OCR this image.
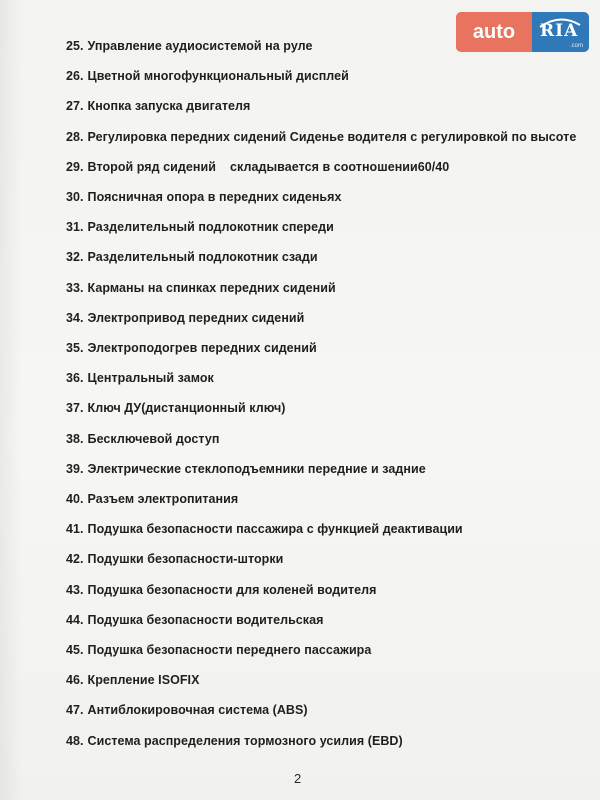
25. Управление аудиосистемой на руле
26. Цветной многофункциональный дисплей
27. Кнопка запуска двигателя
28. Регулировка передних сидений Сиденье водителя с регулировкой по высоте
29. Второй ряд сидений    складывается в соотношении60/40
30. Поясничная опора в передних сиденьях
31. Разделительный подлокотник спереди
32. Разделительный подлокотник сзади
33. Карманы на спинках передних сидений
34. Электропривод передних сидений
35. Электроподогрев передних сидений
36. Центральный замок
37. Ключ ДУ(дистанционный ключ)
38. Бесключевой доступ
39. Электрические стеклоподъемники передние и задние
40. Разъем электропитания
41. Подушка безопасности пассажира с функцией деактивации
42. Подушки безопасности-шторки
43. Подушка безопасности для коленей водителя
44. Подушка безопасности водительская
45. Подушка безопасности переднего пассажира
46. Крепление ISOFIX
47. Антиблокировочная система (ABS)
48. Система распределения тормозного усилия (EBD)
2
auto	RIA
.com
